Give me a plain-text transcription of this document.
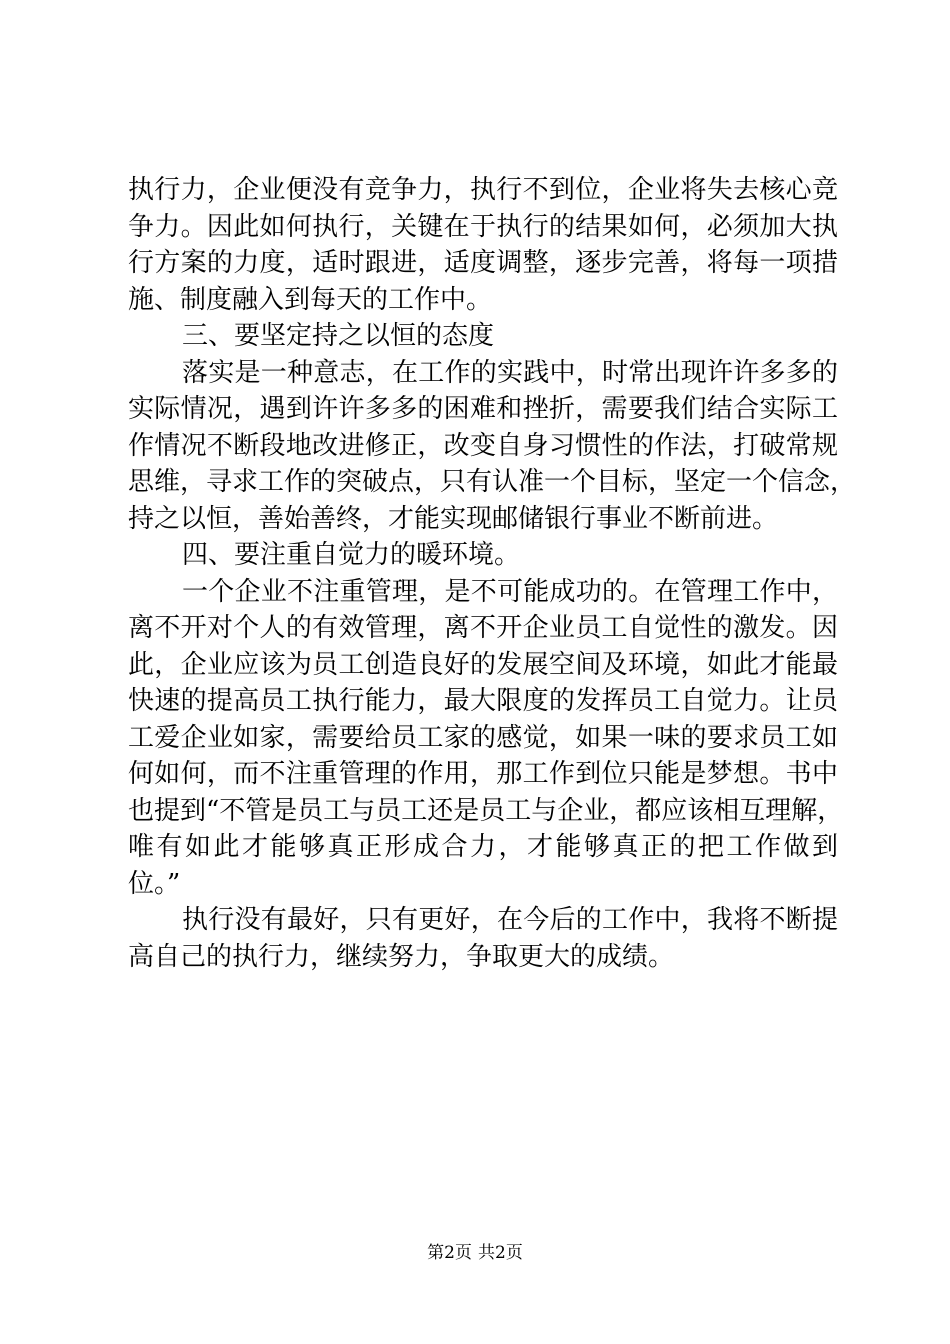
执行力，企业便没有竞争力，执行不到位，企业将失去核心竞
争力。因此如何执行，关键在于执行的结果如何，必须加大执
行方案的力度，适时跟进，适度调整，逐步完善，将每一项措
施、制度融入到每天的工作中。
三、要坚定持之以恒的态度
落实是一种意志，在工作的实践中，时常出现许许多多的
实际情况，遇到许许多多的困难和挫折，需要我们结合实际工
作情况不断段地改进修正，改变自身习惯性的作法，打破常规
思维，寻求工作的突破点，只有认准一个目标，坚定一个信念，
持之以恒，善始善终，才能实现邮储银行事业不断前进。
四、要注重自觉力的暖环境。
一个企业不注重管理，是不可能成功的。在管理工作中，
离不开对个人的有效管理，离不开企业员工自觉性的激发。因
此，企业应该为员工创造良好的发展空间及环境，如此才能最
快速的提高员工执行能力，最大限度的发挥员工自觉力。让员
工爱企业如家，需要给员工家的感觉，如果一味的要求员工如
何如何，而不注重管理的作用，那工作到位只能是梦想。书中
也提到“不管是员工与员工还是员工与企业，都应该相互理解，
唯有如此才能够真正形成合力，才能够真正的把工作做到
位。”
执行没有最好，只有更好，在今后的工作中，我将不断提
高自己的执行力，继续努力，争取更大的成绩。
第2页 共2页
